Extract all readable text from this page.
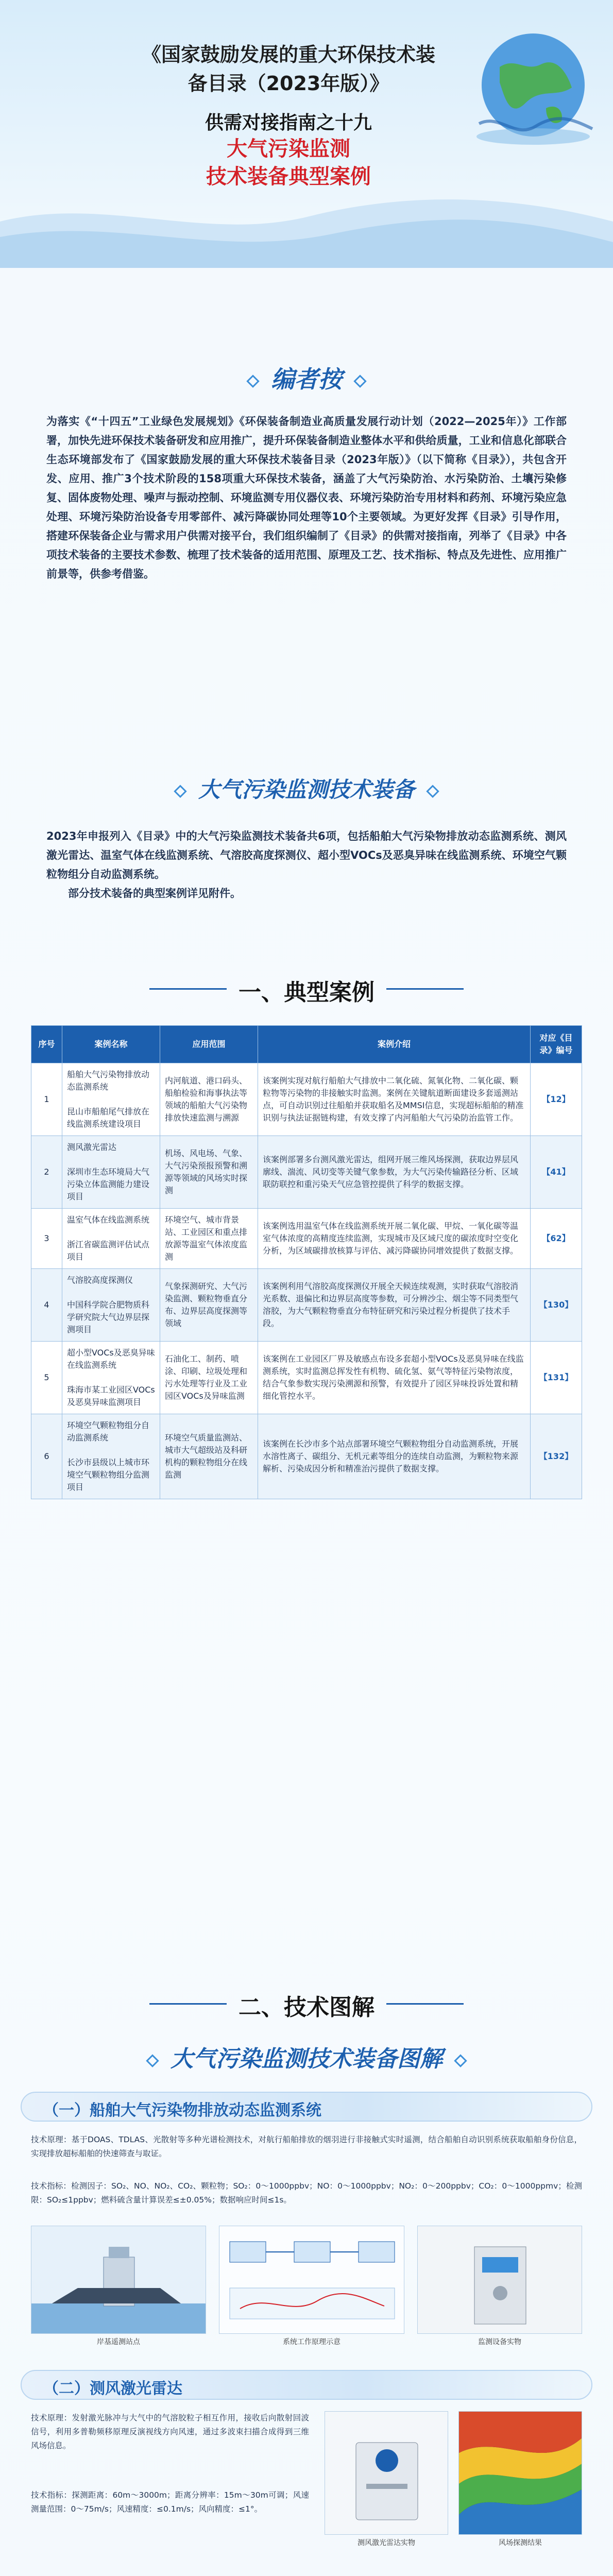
《国家鼓励发展的重大环保技术装
备目录（2023年版）》
供需对接指南之十九
大气污染监测
技术装备典型案例
编者按
为落实《“十四五”工业绿色发展规划》《环保装备制造业高质量发展行动计划（2022—2025年）》工作部署，加快先进环保技术装备研发和应用推广，提升环保装备制造业整体水平和供给质量，工业和信息化部联合生态环境部发布了《国家鼓励发展的重大环保技术装备目录（2023年版）》（以下简称《目录》），共包含开发、应用、推广3个技术阶段的158项重大环保技术装备，涵盖了大气污染防治、水污染防治、土壤污染修复、固体废物处理、噪声与振动控制、环境监测专用仪器仪表、环境污染防治专用材料和药剂、环境污染应急处理、环境污染防治设备专用零部件、减污降碳协同处理等10个主要领域。为更好发挥《目录》引导作用，搭建环保装备企业与需求用户供需对接平台，我们组织编制了《目录》的供需对接指南，列举了《目录》中各项技术装备的主要技术参数、梳理了技术装备的适用范围、原理及工艺、技术指标、特点及先进性、应用推广前景等，供参考借鉴。
大气污染监测技术装备

2023年申报列入《目录》中的大气污染监测技术装备共6项，包括船舶大气污染物排放动态监测系统、测风激光雷达、温室气体在线监测系统、气溶胶高度探测仪、超小型VOCs及恶臭异味在线监测系统、环境空气颗粒物组分自动监测系统。

部分技术装备的典型案例详见附件。

一、典型案例
序号	案例名称	应用范围	案例介绍	对应《目录》编号
1	船舶大气污染物排放动态监测系统

昆山市船舶尾气排放在线监测系统建设项目	内河航道、港口码头、船舶检验和海事执法等领域的船舶大气污染物排放快速监测与溯源	该案例实现对航行船舶大气排放中二氧化硫、氮氧化物、二氧化碳、颗粒物等污染物的非接触实时监测。案例在关键航道断面建设多套遥测站点，可自动识别过往船舶并获取船名及MMSI信息，实现超标船舶的精准识别与执法证据链构建，有效支撑了内河船舶大气污染防治监管工作。	【12】
2	测风激光雷达

深圳市生态环境局大气污染立体监测能力建设项目	机场、风电场、气象、大气污染预报预警和溯源等领域的风场实时探测	该案例部署多台测风激光雷达，组网开展三维风场探测，获取边界层风廓线、湍流、风切变等关键气象参数，为大气污染传输路径分析、区域联防联控和重污染天气应急管控提供了科学的数据支撑。	【41】
3	温室气体在线监测系统

浙江省碳监测评估试点项目	环境空气、城市背景站、工业园区和重点排放源等温室气体浓度监测	该案例选用温室气体在线监测系统开展二氧化碳、甲烷、一氧化碳等温室气体浓度的高精度连续监测，实现城市及区域尺度的碳浓度时空变化分析，为区域碳排放核算与评估、减污降碳协同增效提供了数据支撑。	【62】
4	气溶胶高度探测仪

中国科学院合肥物质科学研究院大气边界层探测项目	气象探测研究、大气污染监测、颗粒物垂直分布、边界层高度探测等领域	该案例利用气溶胶高度探测仪开展全天候连续观测，实时获取气溶胶消光系数、退偏比和边界层高度等参数，可分辨沙尘、烟尘等不同类型气溶胶，为大气颗粒物垂直分布特征研究和污染过程分析提供了技术手段。	【130】
5	超小型VOCs及恶臭异味在线监测系统

珠海市某工业园区VOCs及恶臭异味监测项目	石油化工、制药、喷涂、印刷、垃圾处理和污水处理等行业及工业园区VOCs及异味监测	该案例在工业园区厂界及敏感点布设多套超小型VOCs及恶臭异味在线监测系统，实时监测总挥发性有机物、硫化氢、氨气等特征污染物浓度，结合气象参数实现污染溯源和预警，有效提升了园区异味投诉处置和精细化管控水平。	【131】
6	环境空气颗粒物组分自动监测系统

长沙市县级以上城市环境空气颗粒物组分监测项目	环境空气质量监测站、城市大气超级站及科研机构的颗粒物组分在线监测	该案例在长沙市多个站点部署环境空气颗粒物组分自动监测系统，开展水溶性离子、碳组分、无机元素等组分的连续自动监测，为颗粒物来源解析、污染成因分析和精准治污提供了数据支撑。	【132】
二、技术图解
大气污染监测技术装备图解
（一）船舶大气污染物排放动态监测系统
技术原理：基于DOAS、TDLAS、光散射等多种光谱检测技术，对航行船舶排放的烟羽进行非接触式实时遥测，结合船舶自动识别系统获取船舶身份信息，实现排放超标船舶的快速筛查与取证。
技术指标：检测因子：SO₂、NO、NO₂、CO₂、颗粒物；SO₂：0～1000ppbv；NO：0～1000ppbv；NO₂：0～200ppbv；CO₂：0～1000ppmv；检测限：SO₂≤1ppbv；燃料硫含量计算误差≤±0.05%；数据响应时间≤1s。
岸基遥测站点	系统工作原理示意	监测设备实物
（二）测风激光雷达
技术原理：发射激光脉冲与大气中的气溶胶粒子相互作用，接收后向散射回波信号，利用多普勒频移原理反演视线方向风速，通过多波束扫描合成得到三维风场信息。
技术指标：探测距离：60m～3000m；距离分辨率：15m～30m可调；风速测量范围：0～75m/s；风速精度：≤0.1m/s；风向精度：≤1°。
测风激光雷达实物	风场探测结果
